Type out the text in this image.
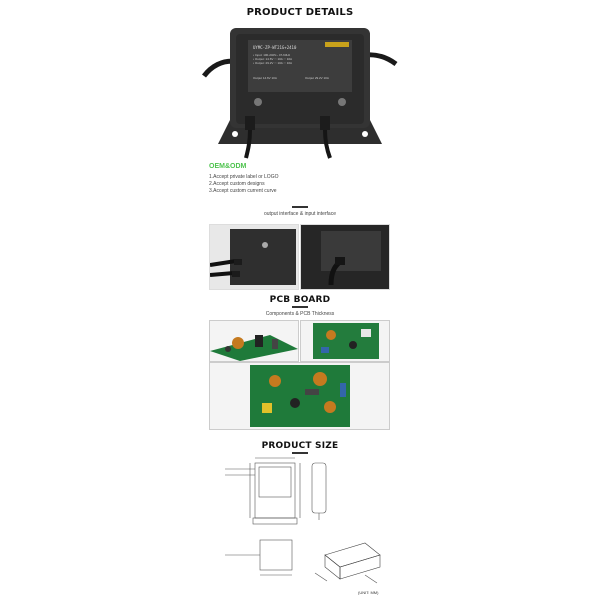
PRODUCT DETAILS
UYMC-ZP-WT21G+2410
• Input: 100-240V~ 47-63Hz
• Output: 14.6V ⎓ 10A ⎓ 10A
• Output: 29.2V ⎓ 10A ⎓ 10A
Output 14.6V 10A	Output 29.2V 10A
OEM&ODM
1.Accept private label or LOGO
2.Accept custom designs
3.Accept custom current curve
output interface & input interface
PCB BOARD
Components & PCB Thickness
PRODUCT SIZE
(UNIT: MM)
